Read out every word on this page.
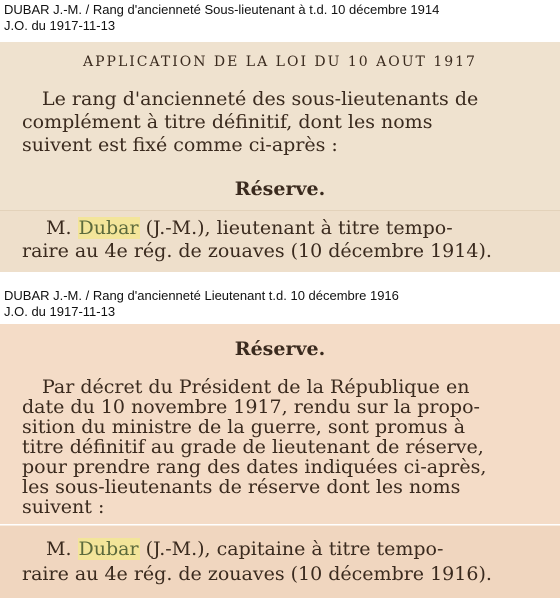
DUBAR J.-M. / Rang d'ancienneté Sous-lieutenant à t.d. 10 décembre 1914
J.O. du 1917-11-13
APPLICATION DE LA LOI DU 10 AOUT 1917
Le rang d'ancienneté des sous-lieutenants de
complément à titre définitif, dont les noms
suivent est fixé comme ci-après :
Réserve.
M. Dubar (J.-M.), lieutenant à titre tempo-
raire au 4e rég. de zouaves (10 décembre 1914).
DUBAR J.-M. / Rang d'ancienneté Lieutenant t.d. 10 décembre 1916
J.O. du 1917-11-13
Réserve.
Par décret du Président de la République en
date du 10 novembre 1917, rendu sur la propo-
sition du ministre de la guerre, sont promus à
titre définitif au grade de lieutenant de réserve,
pour prendre rang des dates indiquées ci-après,
les sous-lieutenants de réserve dont les noms
suivent :
M. Dubar (J.-M.), capitaine à titre tempo-
raire au 4e rég. de zouaves (10 décembre 1916).
